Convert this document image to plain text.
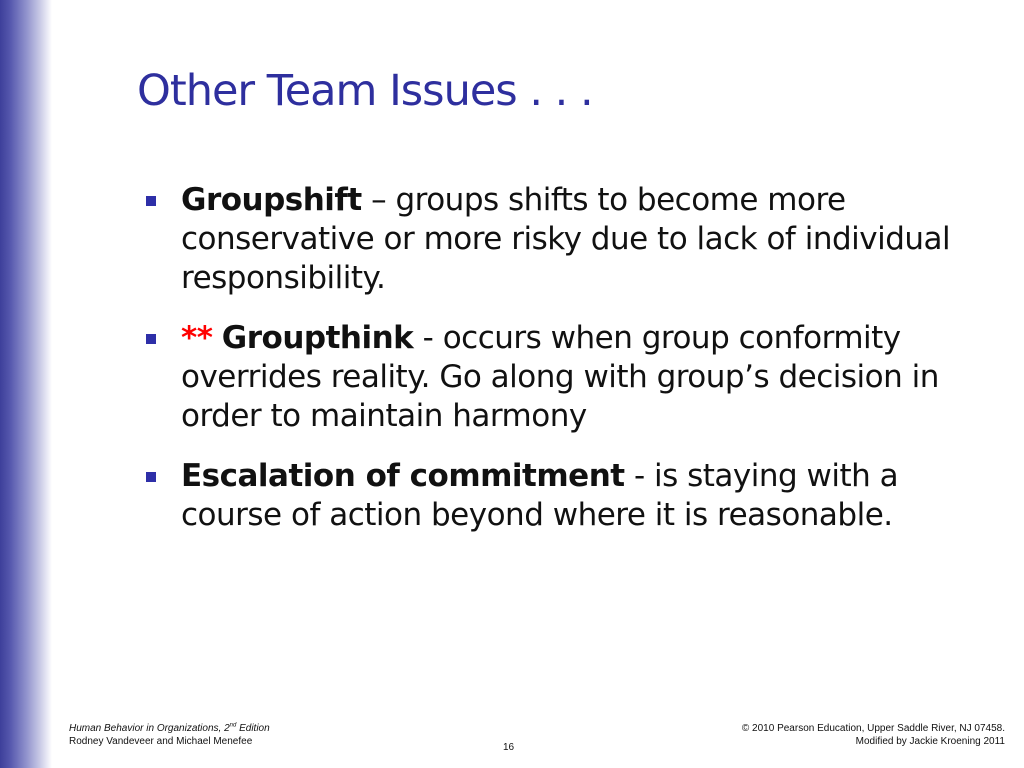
Other Team Issues . . .
Groupshift – groups shifts to become more conservative or more risky due to lack of individual responsibility.
** Groupthink - occurs when group conformity overrides reality. Go along with group’s decision in order to maintain harmony
Escalation of commitment - is staying with a course of action beyond where it is reasonable.
Human Behavior in Organizations, 2nd Edition
Rodney Vandeveer and Michael Menefee
© 2010 Pearson Education, Upper Saddle River, NJ 07458.
Modified by Jackie Kroening 2011
16
